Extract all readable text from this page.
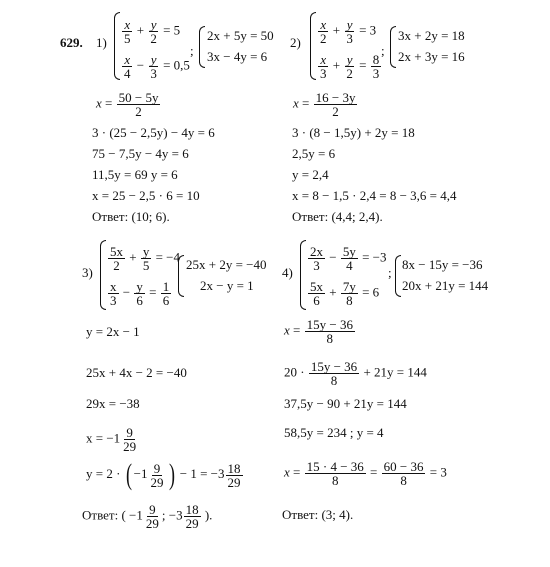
629. $1) \frac{x}{5} + \frac{y}{2} = 5$
$\frac{x}{4} - \frac{y}{3} = 0,5$
;
2x + 5y = 50
3x − 4y = 6
$x = \frac{50 - 5y}{2}$
3 · (25 − 2,5y) − 4y = 6
75 − 7,5y − 4y = 6
11,5y = 69 y = 6
x = 25 − 2,5 · 6 = 10
Ответ: (10; 6).
$2) \frac{x}{2} + \frac{y}{3} = 3$
$\frac{x}{3} + \frac{y}{2} = \frac{8}{3}$
;
3x + 2y = 18
2x + 3y = 16
$x = \frac{16 - 3y}{2}$
3 · (8 − 1,5y) + 2y = 18
2,5y = 6
y = 2,4
x = 8 − 1,5 · 2,4 = 8 − 3,6 = 4,4
Ответ: (4,4; 2,4).
3)
$\frac{5x}{2} + \frac{y}{5} = -4$
$\frac{x}{3} - \frac{y}{6} = \frac{1}{6}$
25x + 2y = −40
2x − y = 1
y = 2x − 1
25x + 4x − 2 = −40
29x = −38
$x = -1 \frac{9}{29}$
y = 2 · ( $-1 \frac{9}{29}$ ) − $1 = -3 \frac{18}{29}$
Ответ: ( $-1 \frac{9}{29}$ ; $-3 \frac{18}{29}$ ).
4)
$\frac{2x}{3} - \frac{5y}{4} = -3$
$\frac{5x}{6} + \frac{7y}{8} = 6$
;
8x − 15y = −36
20x + 21y = 144
$x = \frac{15y - 36}{8}$
$20 \cdot \frac{15y - 36}{8} + 21y = 144$
37,5y − 90 + 21y = 144
58,5y = 234 ; y = 4
$x = \frac{15 \cdot 4 - 36}{8} = \frac{60 - 36}{8} = 3$
Ответ: (3; 4).
